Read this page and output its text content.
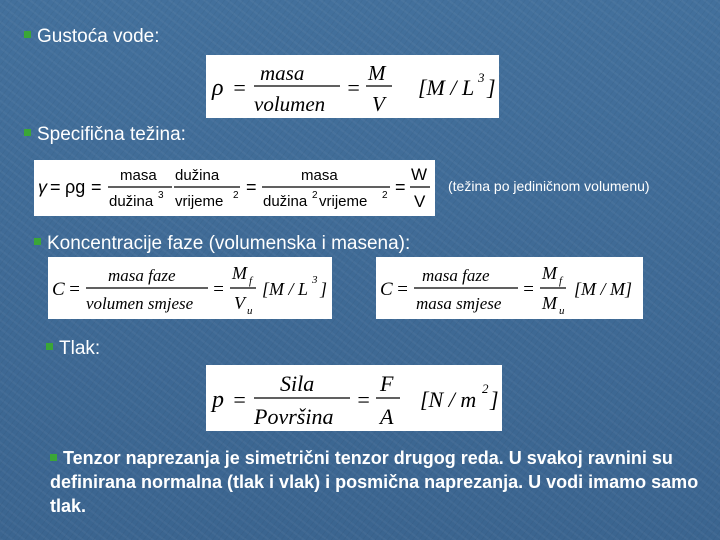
Gustoća vode:
ρ =
masa
volumen
=
M
V
[M / L 3 ]
Specifična težina:
γ = ρg =
masa
dužina 3
dužina
vrijeme 2 =
masa
dužina 2 vrijeme 2 =
W
V
(težina po jediničnom volumenu)
Koncentracije faze (volumenska i masena):
C =
masa faze
volumen smjese
=
M f
V u
[M / L 3 ]	C =
masa faze
masa smjese
=
M f
M u
[M / M]
Tlak:
p =
Sila
Površina
=
F
A
[N / m 2 ]
Tenzor naprezanja je simetrični tenzor drugog reda. U svakoj ravnini su definirana normalna (tlak i vlak) i posmična naprezanja. U vodi imamo samo tlak.
